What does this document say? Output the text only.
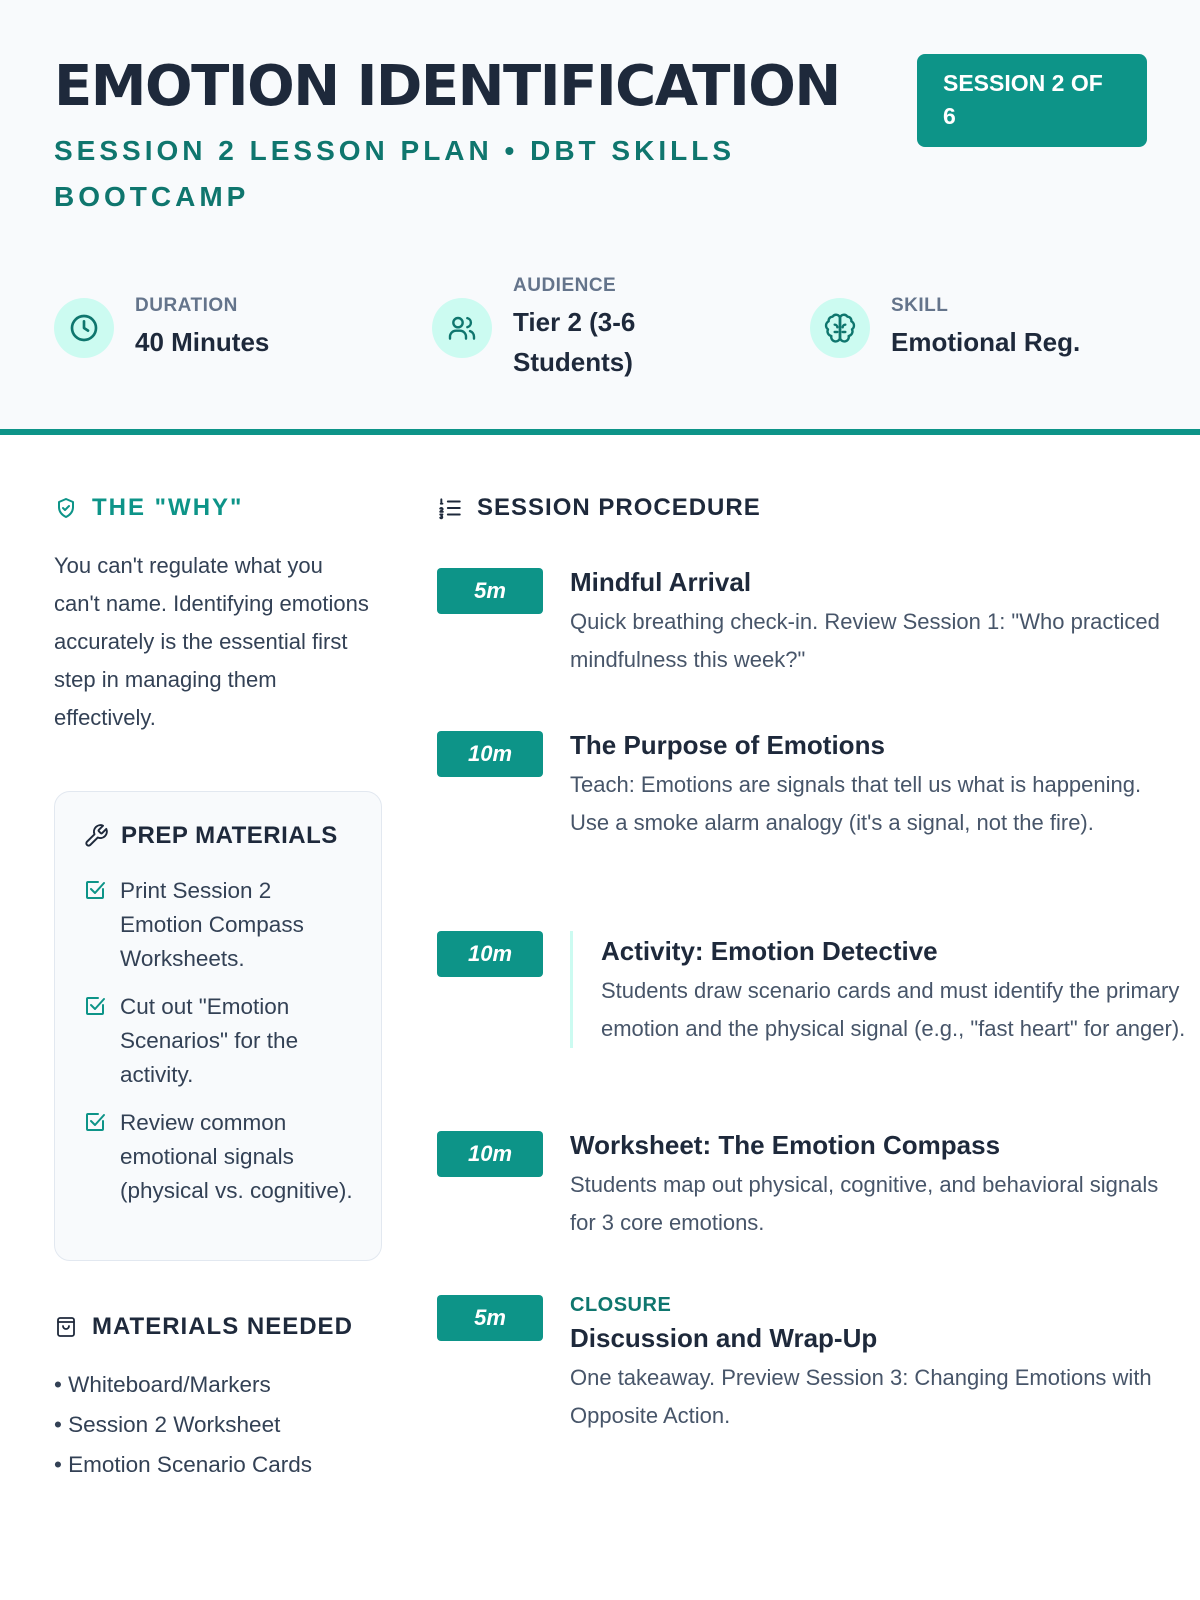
EMOTION IDENTIFICATION
SESSION 2 LESSON PLAN • DBT SKILLS BOOTCAMP
SESSION 2 OF 6
DURATION
40 Minutes
AUDIENCE
Tier 2 (3-6 Students)
SKILL
Emotional Reg.
THE "WHY"

You can't regulate what you can't name. Identifying emotions accurately is the essential first step in managing them effectively.

PREP MATERIALS
Print Session 2 Emotion Compass Worksheets.
Cut out "Emotion Scenarios" for the activity.
Review common emotional signals (physical vs. cognitive).
MATERIALS NEEDED
• Whiteboard/Markers
• Session 2 Worksheet
• Emotion Scenario Cards
SESSION PROCEDURE
5m	Mindful Arrival
Quick breathing check-in. Review Session 1: "Who practiced mindfulness this week?"
10m	The Purpose of Emotions
Teach: Emotions are signals that tell us what is happening. Use a smoke alarm analogy (it's a signal, not the fire).
10m	Activity: Emotion Detective
Students draw scenario cards and must identify the primary emotion and the physical signal (e.g., "fast heart" for anger).
10m	Worksheet: The Emotion Compass
Students map out physical, cognitive, and behavioral signals for 3 core emotions.
5m	CLOSURE
Discussion and Wrap-Up
One takeaway. Preview Session 3: Changing Emotions with Opposite Action.
